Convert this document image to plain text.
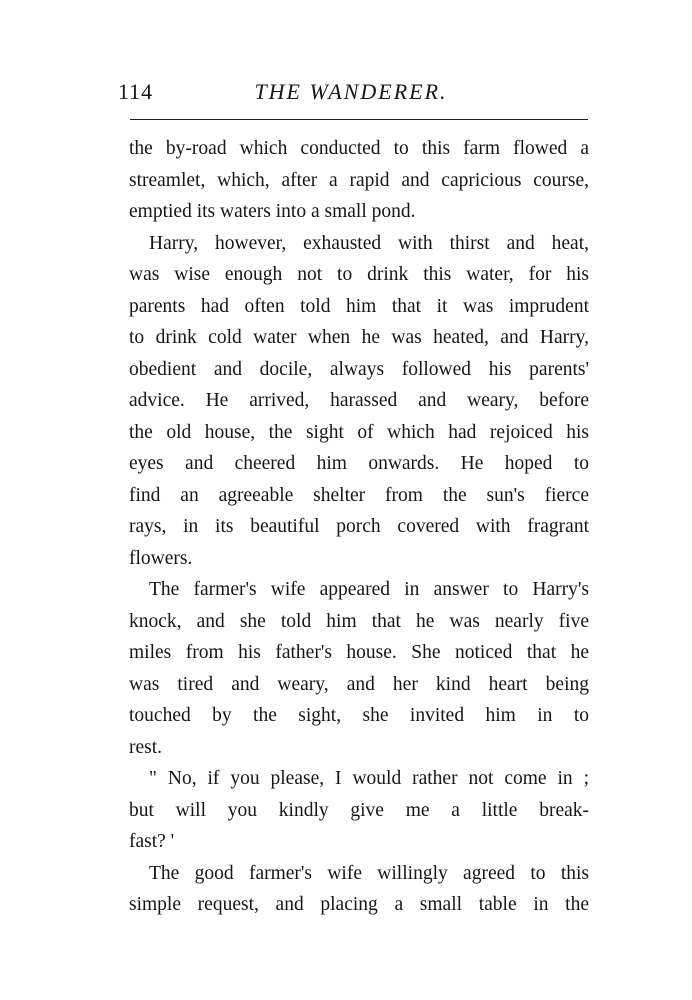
114	THE WANDERER.
the by-road which conducted to this farm flowed a
streamlet, which, after a rapid and capricious course,
emptied its waters into a small pond.
Harry, however, exhausted with thirst and heat,
was wise enough not to drink this water, for his
parents had often told him that it was imprudent
to drink cold water when he was heated, and Harry,
obedient and docile, always followed his parents'
advice. He arrived, harassed and weary, before
the old house, the sight of which had rejoiced his
eyes and cheered him onwards. He hoped to
find an agreeable shelter from the sun's fierce
rays, in its beautiful porch covered with fragrant
flowers.
The farmer's wife appeared in answer to Harry's
knock, and she told him that he was nearly five
miles from his father's house. She noticed that he
was tired and weary, and her kind heart being
touched by the sight, she invited him in to
rest.
" No, if you please, I would rather not come in ;
but will you kindly give me a little break-
fast? '
The good farmer's wife willingly agreed to this
simple request, and placing a small table in the
